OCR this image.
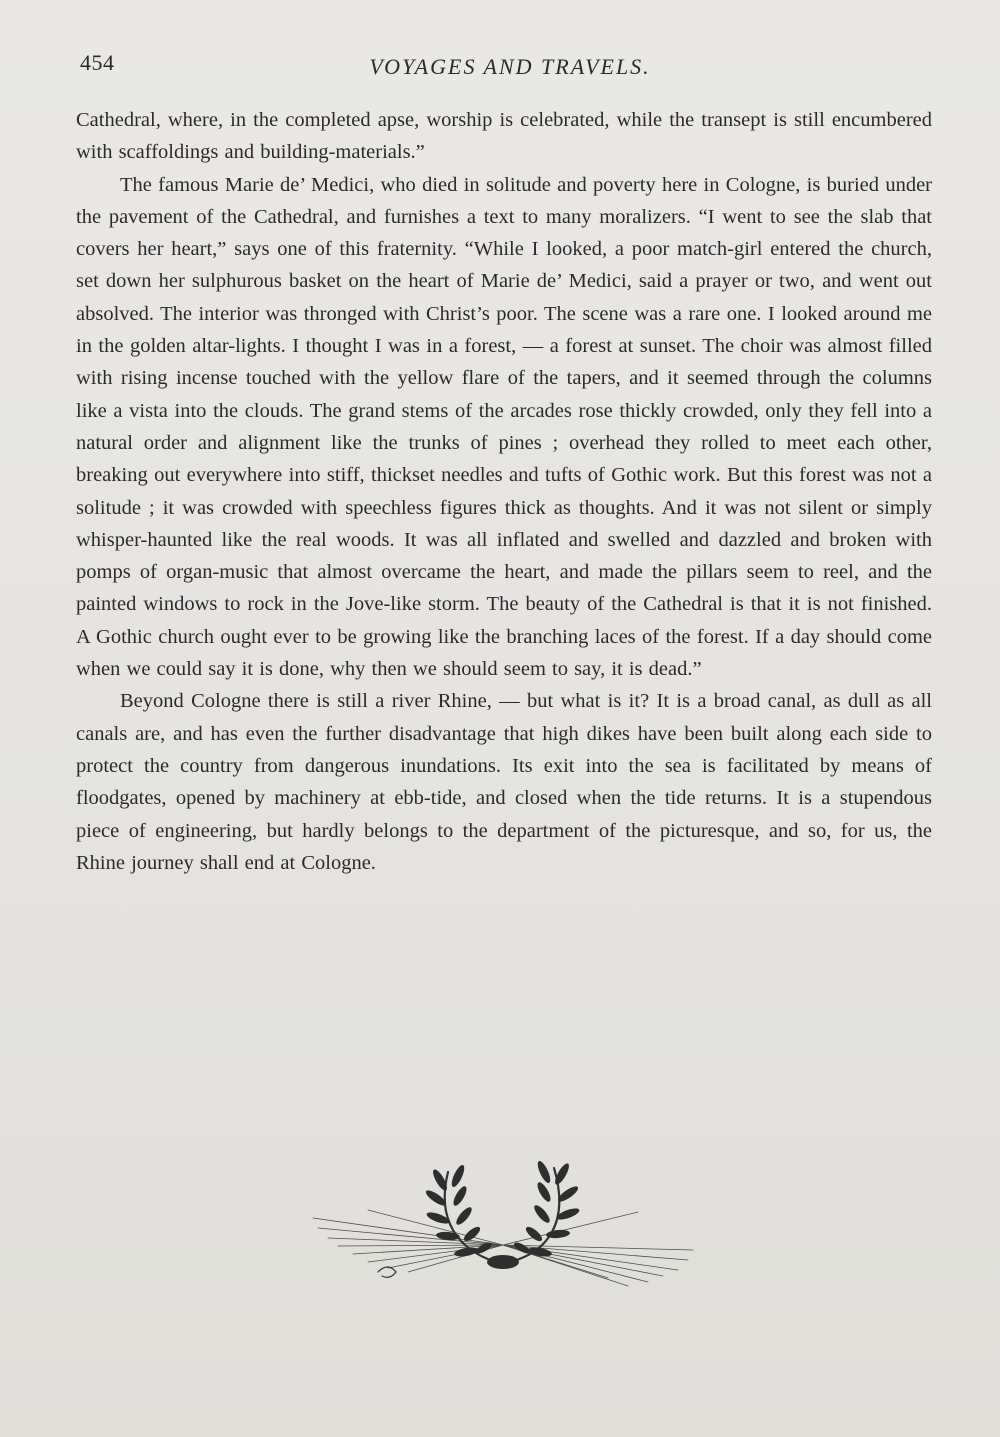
454	VOYAGES AND TRAVELS.

Cathedral, where, in the completed apse, worship is celebrated, while the transept is still encumbered with scaffoldings and building-materials.”

The famous Marie de’ Medici, who died in solitude and poverty here in Cologne, is buried under the pavement of the Cathedral, and furnishes a text to many moralizers. “I went to see the slab that covers her heart,” says one of this fraternity. “While I looked, a poor match-girl entered the church, set down her sulphurous basket on the heart of Marie de’ Medici, said a prayer or two, and went out absolved. The interior was thronged with Christ’s poor. The scene was a rare one. I looked around me in the golden altar-lights. I thought I was in a forest, — a forest at sunset. The choir was almost filled with rising incense touched with the yellow flare of the tapers, and it seemed through the columns like a vista into the clouds. The grand stems of the arcades rose thickly crowded, only they fell into a natural order and alignment like the trunks of pines ; overhead they rolled to meet each other, breaking out everywhere into stiff, thickset needles and tufts of Gothic work. But this forest was not a solitude ; it was crowded with speechless figures thick as thoughts. And it was not silent or simply whisper-haunted like the real woods. It was all inflated and swelled and dazzled and broken with pomps of organ-music that almost overcame the heart, and made the pillars seem to reel, and the painted windows to rock in the Jove-like storm. The beauty of the Cathedral is that it is not finished. A Gothic church ought ever to be growing like the branching laces of the forest. If a day should come when we could say it is done, why then we should seem to say, it is dead.”

Beyond Cologne there is still a river Rhine, — but what is it? It is a broad canal, as dull as all canals are, and has even the further disadvantage that high dikes have been built along each side to protect the country from dangerous inundations. Its exit into the sea is facilitated by means of floodgates, opened by machinery at ebb-tide, and closed when the tide returns. It is a stupendous piece of engineering, but hardly belongs to the department of the picturesque, and so, for us, the Rhine journey shall end at Cologne.
